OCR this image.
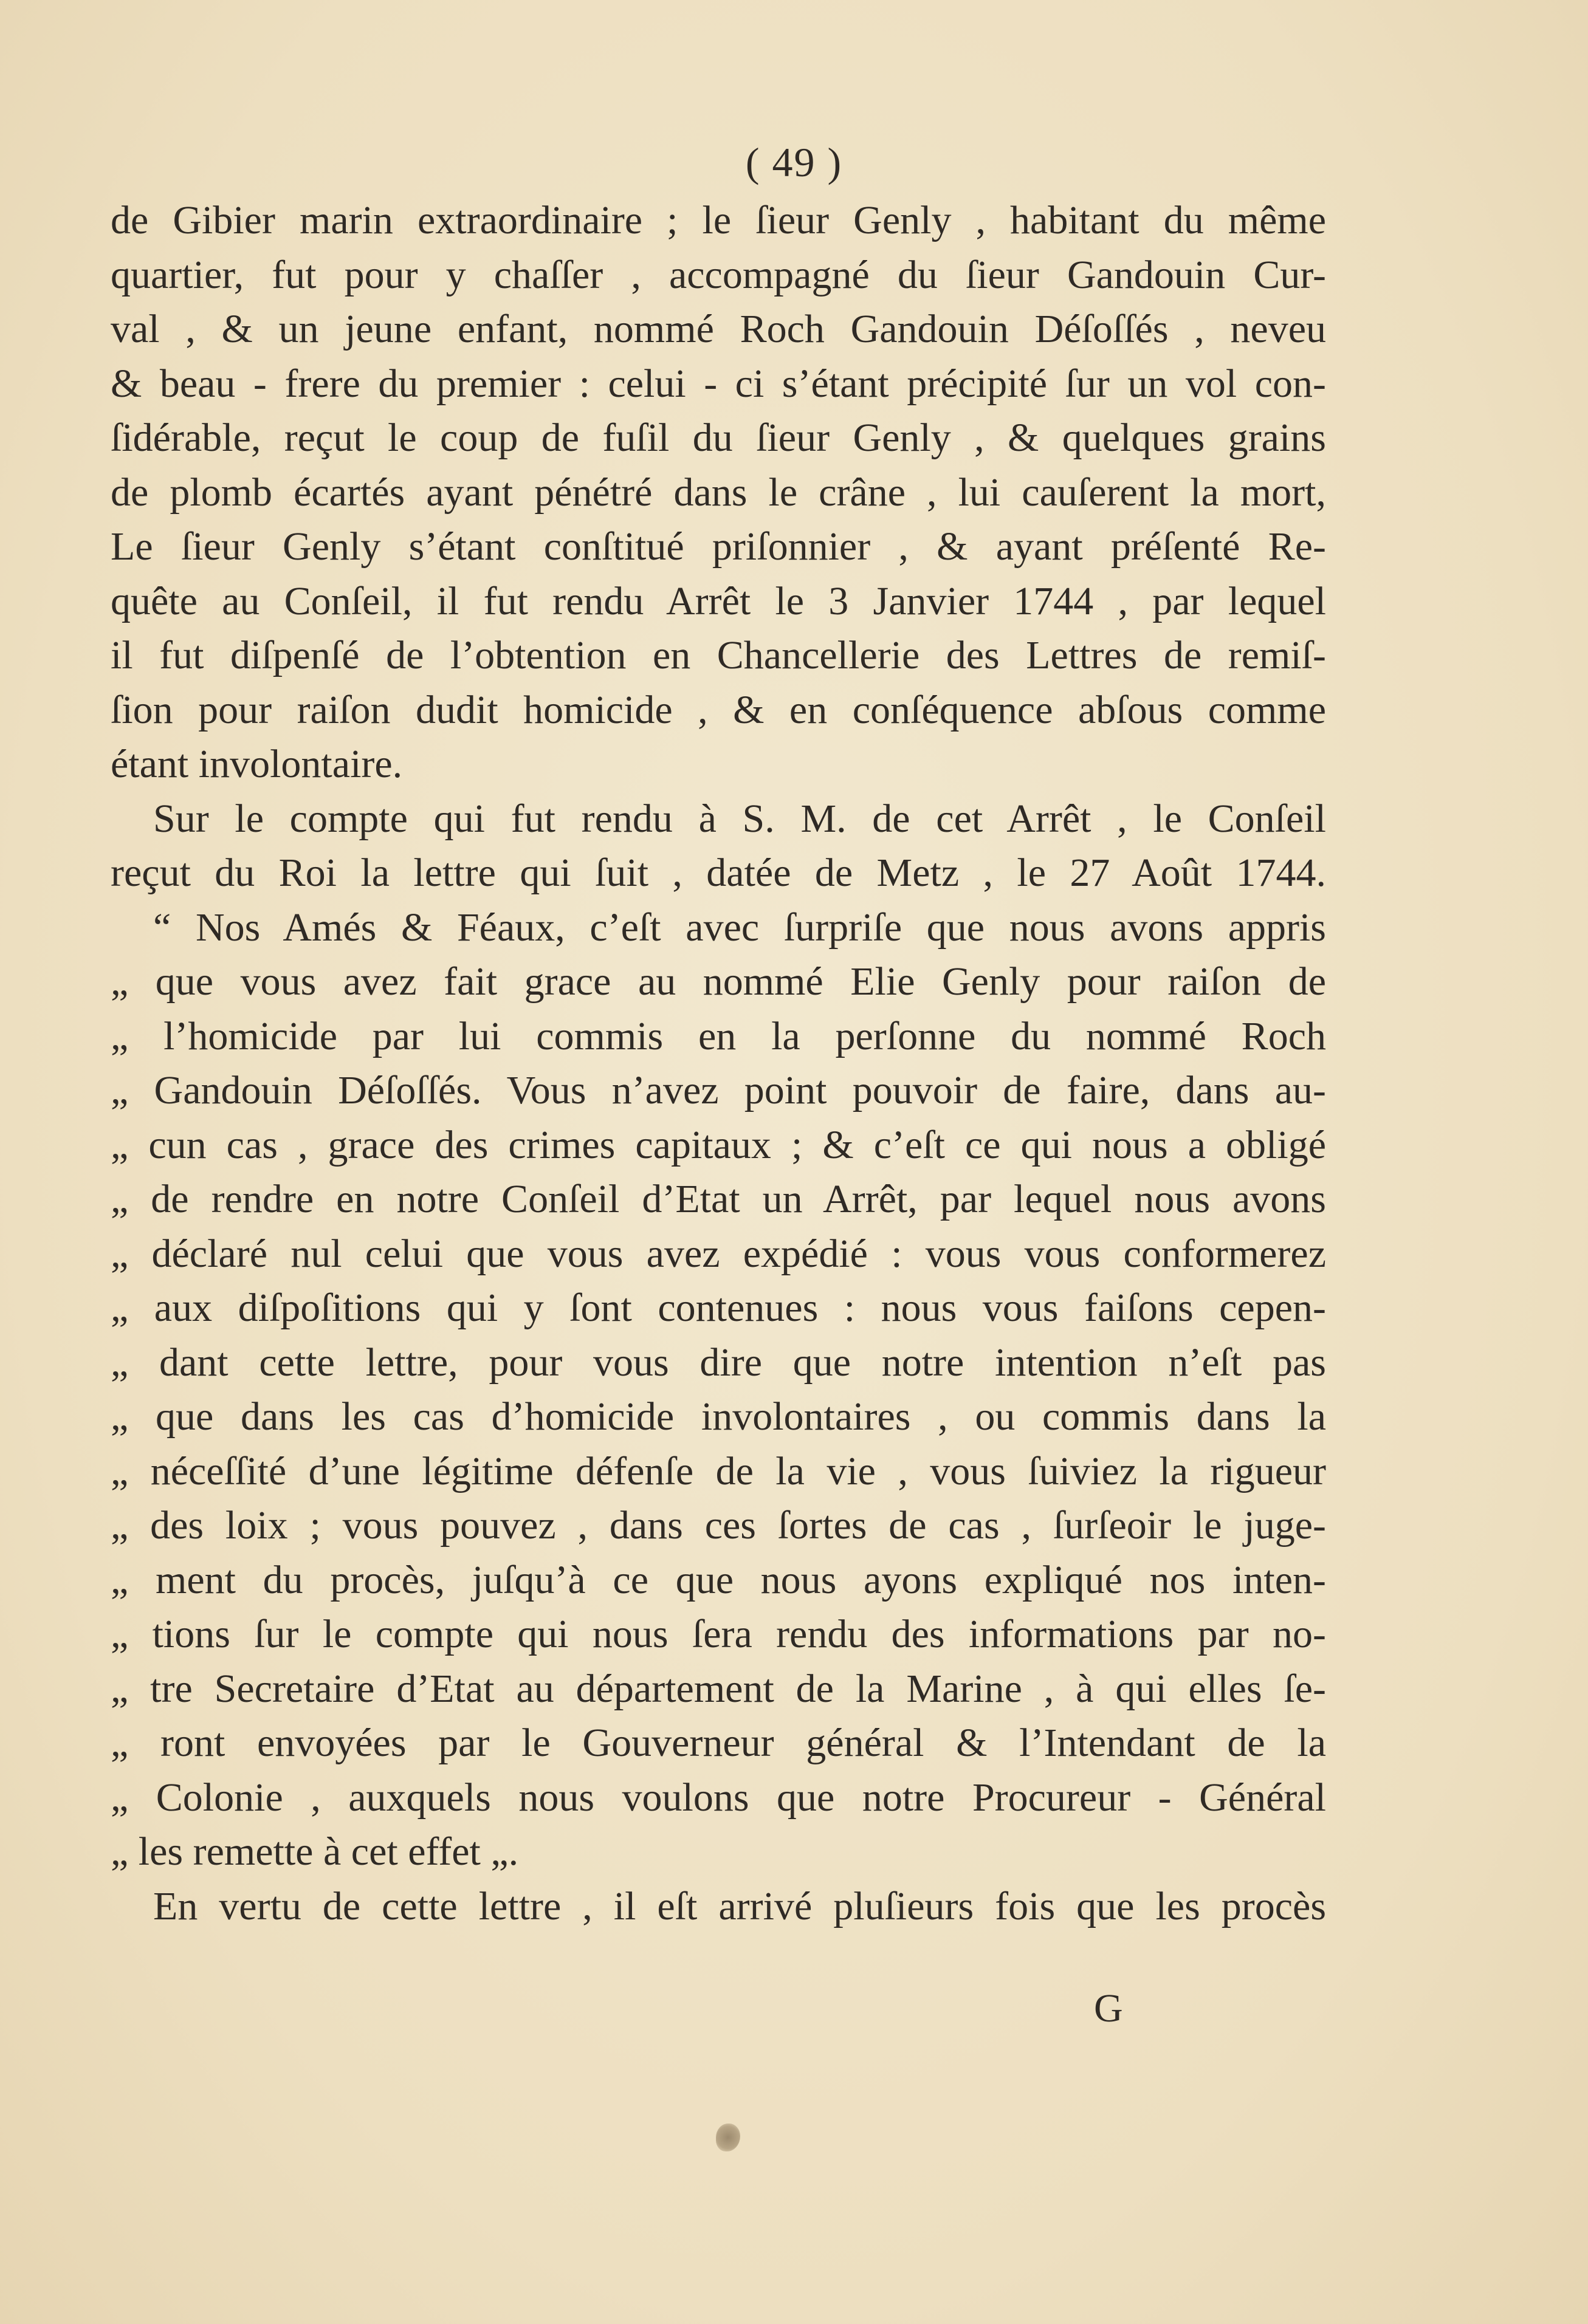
( 49 )
de Gibier marin extraordinaire ; le ſieur Genly , habitant du même
quartier, fut pour y chaſſer , accompagné du ſieur Gandouin Cur-
val , & un jeune enfant, nommé Roch Gandouin Déſoſſés , neveu
& beau - frere du premier : celui - ci s’étant précipité ſur un vol con-
ſidérable, reçut le coup de fuſil du ſieur Genly , & quelques grains
de plomb écartés ayant pénétré dans le crâne , lui cauſerent la mort,
Le ſieur Genly s’étant conſtitué priſonnier , & ayant préſenté Re-
quête au Conſeil, il fut rendu Arrêt le 3 Janvier 1744 , par lequel
il fut diſpenſé de l’obtention en Chancellerie des Lettres de remiſ-
ſion pour raiſon dudit homicide , & en conſéquence abſous comme
étant involontaire.
Sur le compte qui fut rendu à S. M. de cet Arrêt , le Conſeil
reçut du Roi la lettre qui ſuit , datée de Metz , le 27 Août 1744.
“ Nos Amés & Féaux, c’eſt avec ſurpriſe que nous avons appris
„ que vous avez fait grace au nommé Elie Genly pour raiſon de
„ l’homicide par lui commis en la perſonne du nommé Roch
„ Gandouin Déſoſſés. Vous n’avez point pouvoir de faire, dans au-
„ cun cas , grace des crimes capitaux ; & c’eſt ce qui nous a obligé
„ de rendre en notre Conſeil d’Etat un Arrêt, par lequel nous avons
„ déclaré nul celui que vous avez expédié : vous vous conformerez
„ aux diſpoſitions qui y ſont contenues : nous vous faiſons cepen-
„ dant cette lettre, pour vous dire que notre intention n’eſt pas
„ que dans les cas d’homicide involontaires , ou commis dans la
„ néceſſité d’une légitime défenſe de la vie , vous ſuiviez la rigueur
„ des loix ; vous pouvez , dans ces ſortes de cas , ſurſeoir le juge-
„ ment du procès, juſqu’à ce que nous ayons expliqué nos inten-
„ tions ſur le compte qui nous ſera rendu des informations par no-
„ tre Secretaire d’Etat au département de la Marine , à qui elles ſe-
„ ront envoyées par le Gouverneur général & l’Intendant de la
„ Colonie , auxquels nous voulons que notre Procureur - Général
„ les remette à cet effet „.
En vertu de cette lettre , il eſt arrivé pluſieurs fois que les procès
G
